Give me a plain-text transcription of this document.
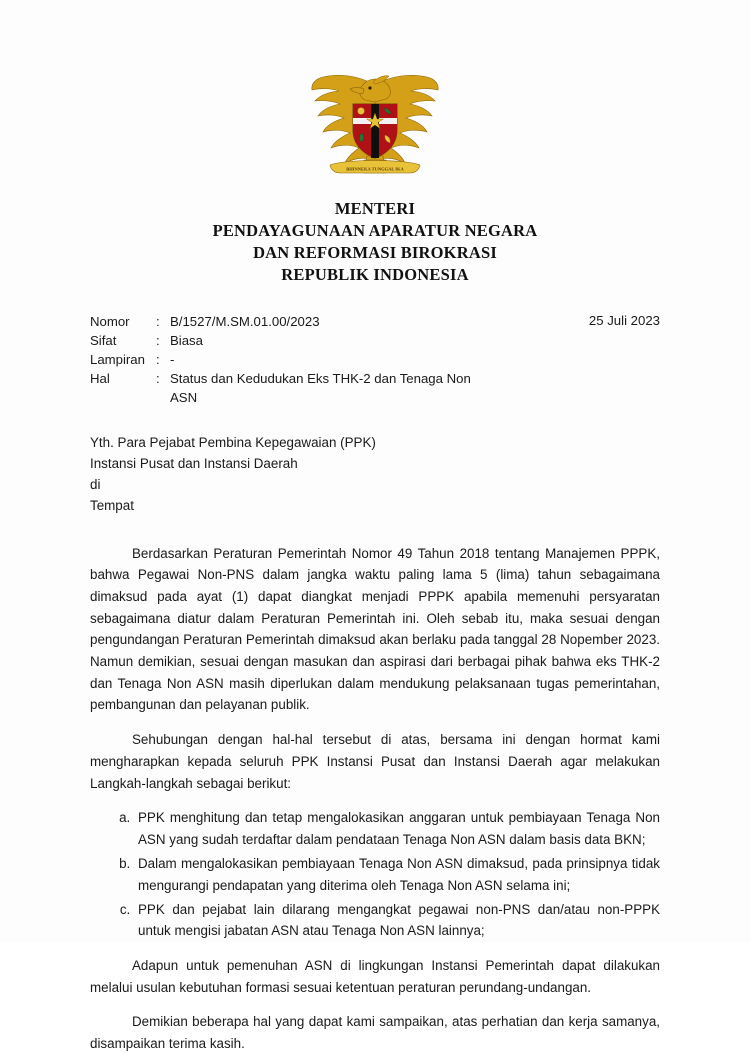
BHINNEKA TUNGGAL IKA
MENTERI
PENDAYAGUNAAN APARATUR NEGARA
DAN REFORMASI BIROKRASI
REPUBLIK INDONESIA
Nomor	:	B/1527/M.SM.01.00/2023
Sifat	:	Biasa
Lampiran	:	-
Hal	:	Status dan Kedudukan Eks THK-2 dan Tenaga Non ASN
25 Juli 2023
Yth. Para Pejabat Pembina Kepegawaian (PPK)
Instansi Pusat dan Instansi Daerah
di
Tempat

Berdasarkan Peraturan Pemerintah Nomor 49 Tahun 2018 tentang Manajemen PPPK, bahwa Pegawai Non-PNS dalam jangka waktu paling lama 5 (lima) tahun sebagaimana dimaksud pada ayat (1) dapat diangkat menjadi PPPK apabila memenuhi persyaratan sebagaimana diatur dalam Peraturan Pemerintah ini. Oleh sebab itu, maka sesuai dengan pengundangan Peraturan Pemerintah dimaksud akan berlaku pada tanggal 28 Nopember 2023. Namun demikian, sesuai dengan masukan dan aspirasi dari berbagai pihak bahwa eks THK-2 dan Tenaga Non ASN masih diperlukan dalam mendukung pelaksanaan tugas pemerintahan, pembangunan dan pelayanan publik.

Sehubungan dengan hal-hal tersebut di atas, bersama ini dengan hormat kami mengharapkan kepada seluruh PPK Instansi Pusat dan Instansi Daerah agar melakukan Langkah-langkah sebagai berikut:

a. PPK menghitung dan tetap mengalokasikan anggaran untuk pembiayaan Tenaga Non ASN yang sudah terdaftar dalam pendataan Tenaga Non ASN dalam basis data BKN;
b. Dalam mengalokasikan pembiayaan Tenaga Non ASN dimaksud, pada prinsipnya tidak mengurangi pendapatan yang diterima oleh Tenaga Non ASN selama ini;
c. PPK dan pejabat lain dilarang mengangkat pegawai non-PNS dan/atau non-PPPK untuk mengisi jabatan ASN atau Tenaga Non ASN lainnya;

Adapun untuk pemenuhan ASN di lingkungan Instansi Pemerintah dapat dilakukan melalui usulan kebutuhan formasi sesuai ketentuan peraturan perundang-undangan.

Demikian beberapa hal yang dapat kami sampaikan, atas perhatian dan kerja samanya, disampaikan terima kasih.
